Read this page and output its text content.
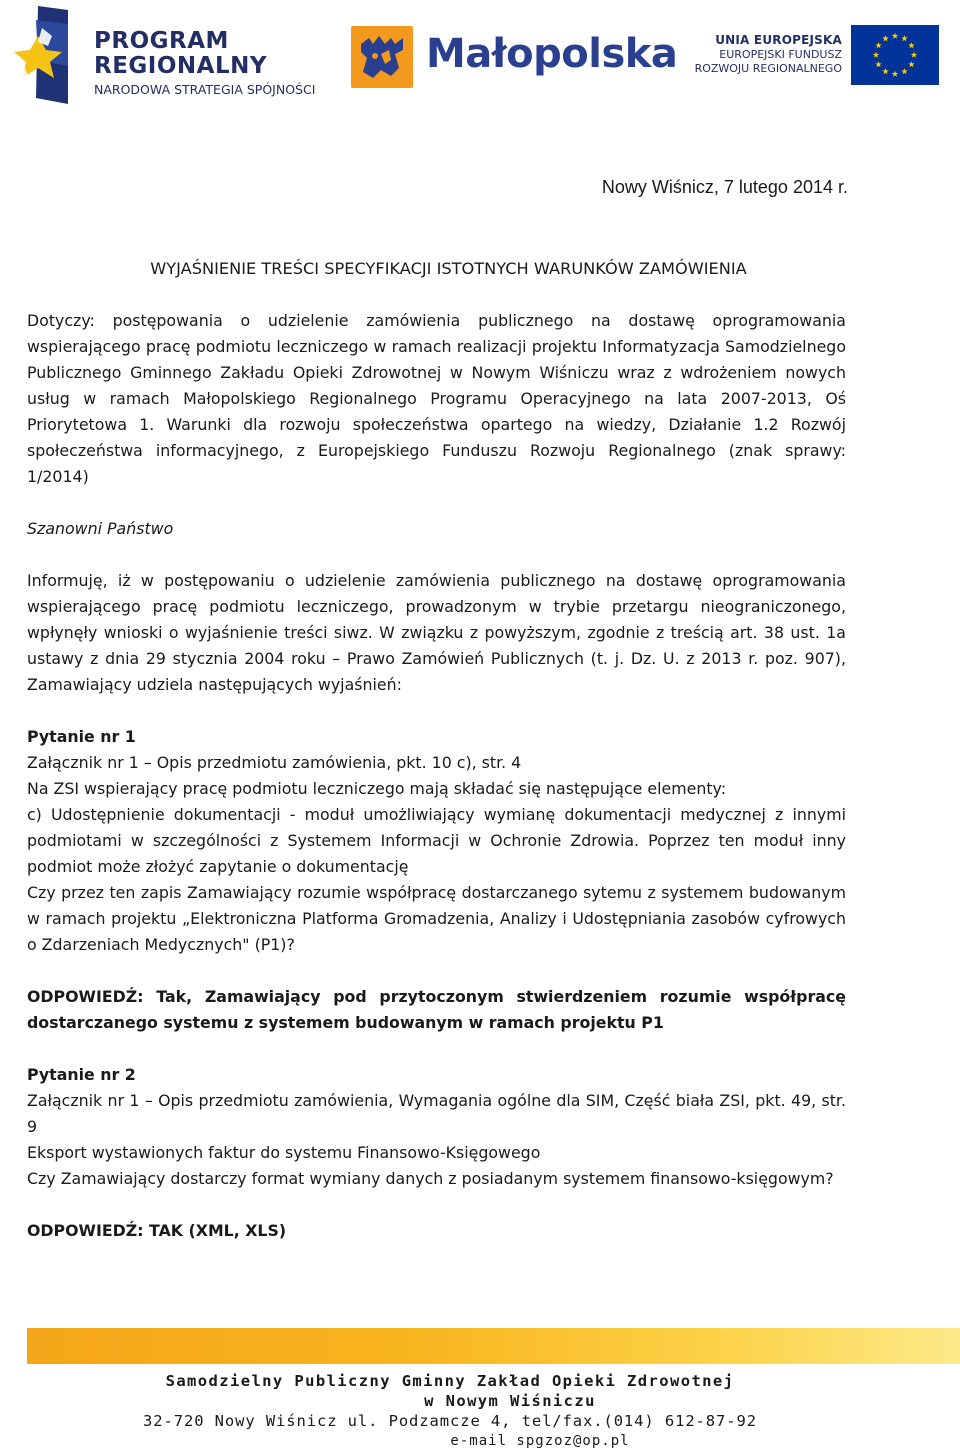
PROGRAM
REGIONALNY
NARODOWA STRATEGIA SPÓJNOŚCI
Małopolska	UNIA EUROPEJSKA
EUROPEJSKI FUNDUSZ
ROZWOJU REGIONALNEGO
Nowy Wiśnicz, 7 lutego 2014 r.

WYJAŚNIENIE TREŚCI SPECYFIKACJI ISTOTNYCH WARUNKÓW ZAMÓWIENIA

Dotyczy: postępowania o udzielenie zamówienia publicznego na dostawę oprogramowania wspierającego pracę podmiotu leczniczego w ramach realizacji projektu Informatyzacja Samodzielnego Publicznego Gminnego Zakładu Opieki Zdrowotnej w Nowym Wiśniczu wraz z wdrożeniem nowych usług w ramach Małopolskiego Regionalnego Programu Operacyjnego na lata 2007-2013, Oś Priorytetowa 1. Warunki dla rozwoju społeczeństwa opartego na wiedzy, Działanie 1.2 Rozwój społeczeństwa informacyjnego, z Europejskiego Funduszu Rozwoju Regionalnego (znak sprawy: 1/2014)

Szanowni Państwo

Informuję, iż w postępowaniu o udzielenie zamówienia publicznego na dostawę oprogramowania wspierającego pracę podmiotu leczniczego, prowadzonym w trybie przetargu nieograniczonego, wpłynęły wnioski o wyjaśnienie treści siwz. W związku z powyższym, zgodnie z treścią art. 38 ust. 1a ustawy z dnia 29 stycznia 2004 roku – Prawo Zamówień Publicznych (t. j. Dz. U. z 2013 r. poz. 907), Zamawiający udziela następujących wyjaśnień:

Pytanie nr 1

Załącznik nr 1 – Opis przedmiotu zamówienia, pkt. 10 c), str. 4

Na ZSI wspierający pracę podmiotu leczniczego mają składać się następujące elementy:

c) Udostępnienie dokumentacji - moduł umożliwiający wymianę dokumentacji medycznej z innymi podmiotami w szczególności z Systemem Informacji w Ochronie Zdrowia. Poprzez ten moduł inny podmiot może złożyć zapytanie o dokumentację

Czy przez ten zapis Zamawiający rozumie współpracę dostarczanego sytemu z systemem budowanym w ramach projektu „Elektroniczna Platforma Gromadzenia, Analizy i Udostępniania zasobów cyfrowych o Zdarzeniach Medycznych" (P1)?

ODPOWIEDŹ: Tak, Zamawiający pod przytoczonym stwierdzeniem rozumie współpracę dostarczanego systemu z systemem budowanym w ramach projektu P1

Pytanie nr 2

Załącznik nr 1 – Opis przedmiotu zamówienia, Wymagania ogólne dla SIM, Część biała ZSI, pkt. 49, str. 9

Eksport wystawionych faktur do systemu Finansowo-Księgowego

Czy Zamawiający dostarczy format wymiany danych z posiadanym systemem finansowo-księgowym?

ODPOWIEDŹ: TAK (XML, XLS)

Samodzielny Publiczny Gminny Zakład Opieki Zdrowotnej
w Nowym Wiśniczu
32-720 Nowy Wiśnicz ul. Podzamcze 4, tel/fax.(014) 612-87-92
e-mail spgzoz@op.pl
